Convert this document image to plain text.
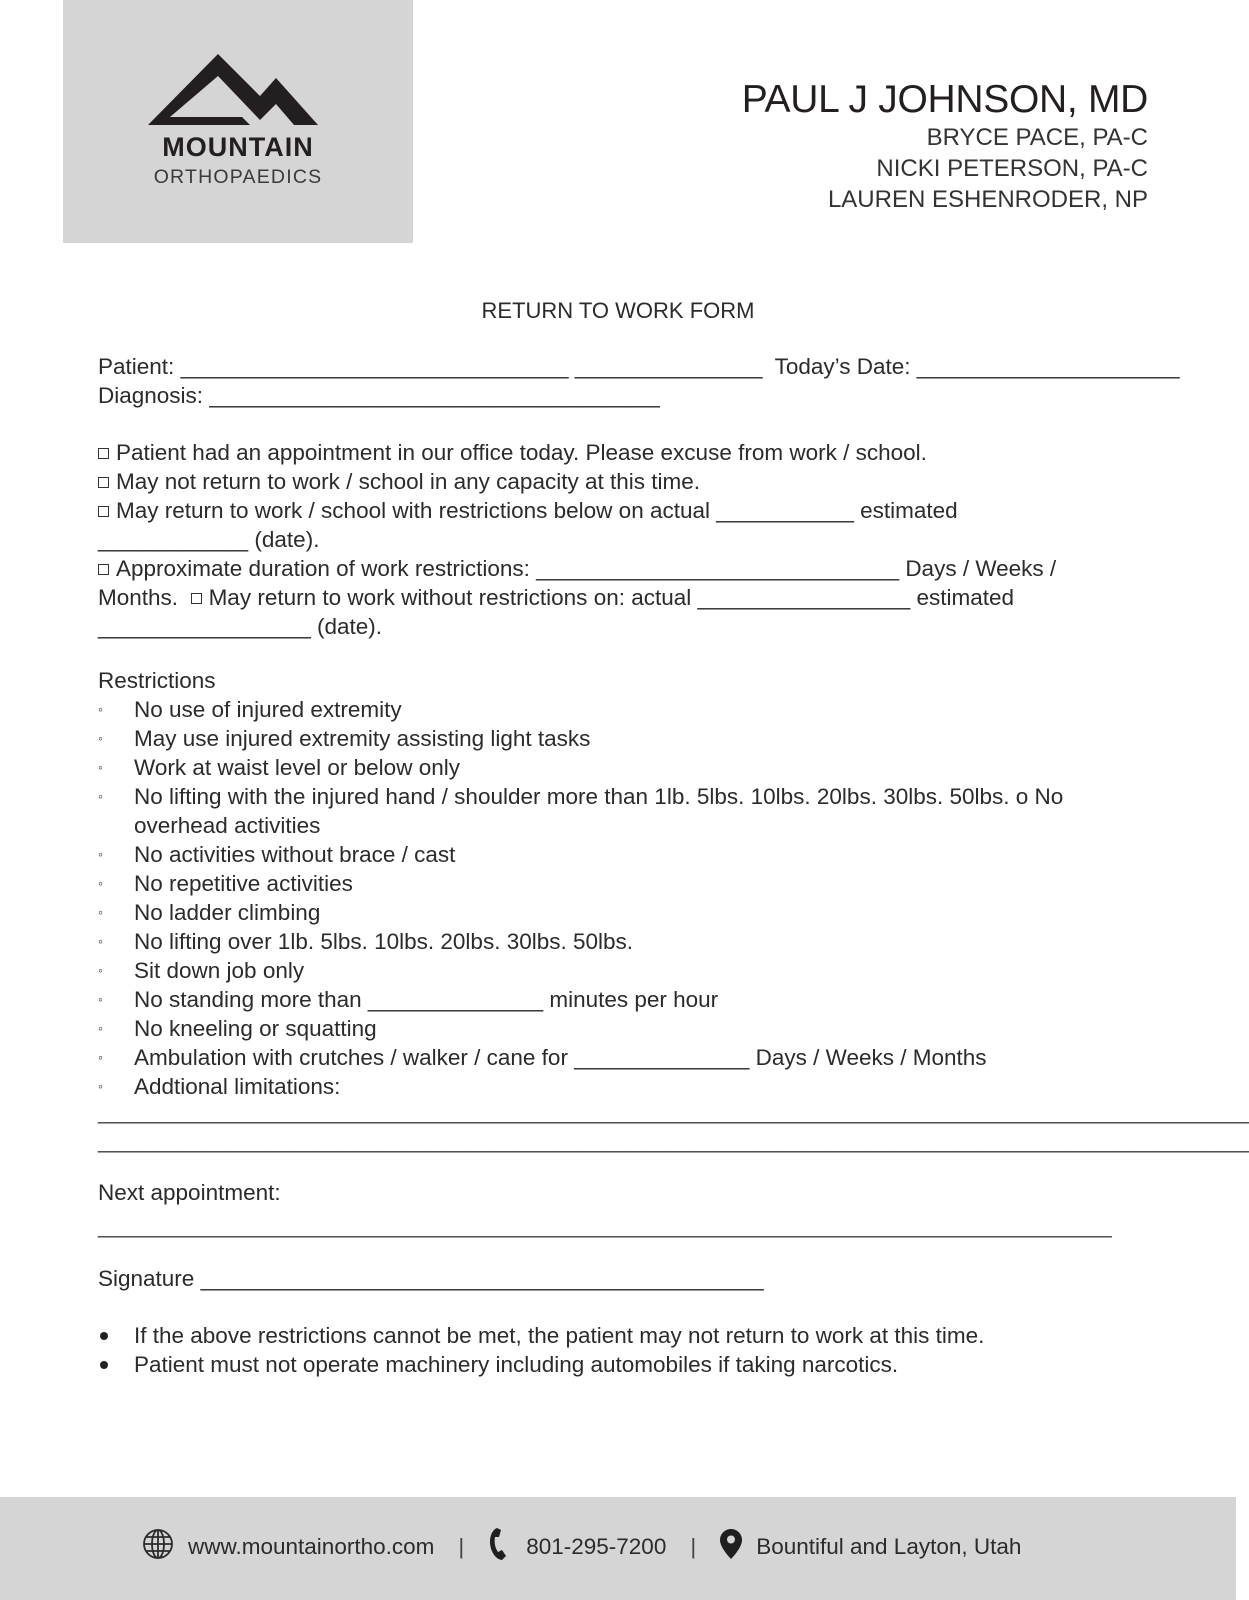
MOUNTAIN
ORTHOPAEDICS
PAUL J JOHNSON, MD
BRYCE PACE, PA-C
NICKI PETERSON, PA-C
LAUREN ESHENRODER, NP
RETURN TO WORK FORM
Patient: _______________________________ _______________ Today’s Date: _____________________
Diagnosis: ____________________________________
Patient had an appointment in our office today. Please excuse from work / school.
May not return to work / school in any capacity at this time.
May return to work / school with restrictions below on actual ___________ estimated
____________ (date).
Approximate duration of work restrictions: _____________________________ Days / Weeks /
Months. May return to work without restrictions on: actual _________________ estimated
_________________ (date).
Restrictions
◦ No use of injured extremity
◦ May use injured extremity assisting light tasks
◦ Work at waist level or below only
◦ No lifting with the injured hand / shoulder more than 1lb. 5lbs. 10lbs. 20lbs. 30lbs. 50lbs. o No overhead activities
◦ No activities without brace / cast
◦ No repetitive activities
◦ No ladder climbing
◦ No lifting over 1lb. 5lbs. 10lbs. 20lbs. 30lbs. 50lbs.
◦ Sit down job only
◦ No standing more than ______________ minutes per hour
◦ No kneeling or squatting
◦ Ambulation with crutches / walker / cane for ______________ Days / Weeks / Months
◦ Addtional limitations:
____________________________________________________________________________________________
____________________________________________________________________________________________
Next appointment:
_________________________________________________________________________________
Signature _____________________________________________
If the above restrictions cannot be met, the patient may not return to work at this time.
Patient must not operate machinery including automobiles if taking narcotics.
www.mountainortho.com |	801-295-7200 |	Bountiful and Layton, Utah
